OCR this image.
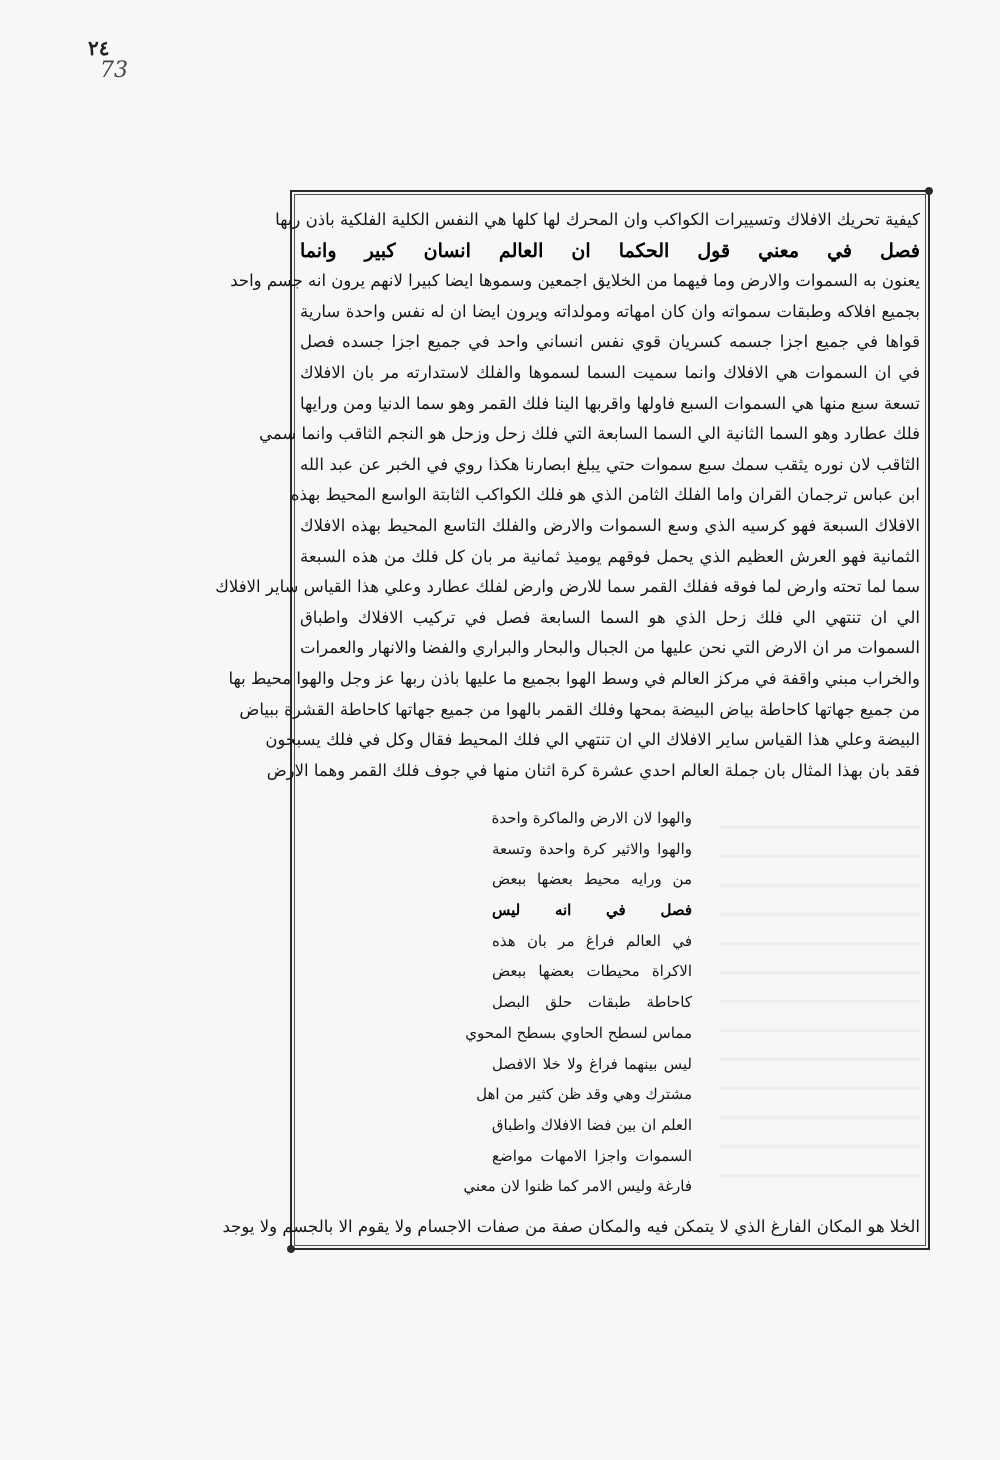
٢٤
73
كيفية تحريك الافلاك وتسييرات الكواكب وان المحرك لها كلها هي النفس الكلية الفلكية باذن ربها
فصل في معني قول الحكما ان العالم انسان كبير وانما
يعنون به السموات والارض وما فيهما من الخلايق اجمعين وسموها ايضا كبيرا لانهم يرون انه جسم واحد
بجميع افلاكه وطبقات سمواته وان كان امهاته ومولداته ويرون ايضا ان له نفس واحدة سارية
قواها في جميع اجزا جسمه كسريان قوي نفس انساني واحد في جميع اجزا جسده فصل
في ان السموات هي الافلاك وانما سميت السما لسموها والفلك لاستدارته مر بان الافلاك
تسعة سبع منها هي السموات السبع فاولها واقربها الينا فلك القمر وهو سما الدنيا ومن ورايها
فلك عطارد وهو السما الثانية الي السما السابعة التي فلك زحل وزحل هو النجم الثاقب وانما سمي
الثاقب لان نوره يثقب سمك سبع سموات حتي يبلغ ابصارنا هكذا روي في الخبر عن عبد الله
ابن عباس ترجمان القران واما الفلك الثامن الذي هو فلك الكواكب الثابتة الواسع المحيط بهذه
الافلاك السبعة فهو كرسيه الذي وسع السموات والارض والفلك التاسع المحيط بهذه الافلاك
الثمانية فهو العرش العظيم الذي يحمل فوقهم يوميذ ثمانية مر بان كل فلك من هذه السبعة
سما لما تحته وارض لما فوقه ففلك القمر سما للارض وارض لفلك عطارد وعلي هذا القياس ساير الافلاك
الي ان تنتهي الي فلك زحل الذي هو السما السابعة فصل في تركيب الافلاك واطباق
السموات مر ان الارض التي نحن عليها من الجبال والبحار والبراري والفضا والانهار والعمرات
والخراب مبني واقفة في مركز العالم في وسط الهوا بجميع ما عليها باذن ربها عز وجل والهوا محيط بها
من جميع جهاتها كاحاطة بياض البيضة بمحها وفلك القمر بالهوا من جميع جهاتها كاحاطة القشرة ببياض
البيضة وعلي هذا القياس ساير الافلاك الي ان تنتهي الي فلك المحيط فقال وكل في فلك يسبحون
فقد بان بهذا المثال بان جملة العالم احدي عشرة كرة اثنان منها في جوف فلك القمر وهما الارض
والهوا لان الارض والماكرة واحدة
والهوا والاثير كرة واحدة وتسعة
من ورايه محيط بعضها ببعض
فصل في انه ليس
في العالم فراغ مر بان هذه
الاكراة محيطات بعضها ببعض
كاحاطة طبقات حلق البصل
مماس لسطح الحاوي بسطح المحوي
ليس بينهما فراغ ولا خلا الافصل
مشترك وهي وقد ظن كثير من اهل
العلم ان بين فضا الافلاك واطباق
السموات واجزا الامهات مواضع
فارغة وليس الامر كما ظنوا لان معني
الخلا هو المكان الفارغ الذي لا يتمكن فيه والمكان صفة من صفات الاجسام ولا يقوم الا بالجسم ولا يوجد
